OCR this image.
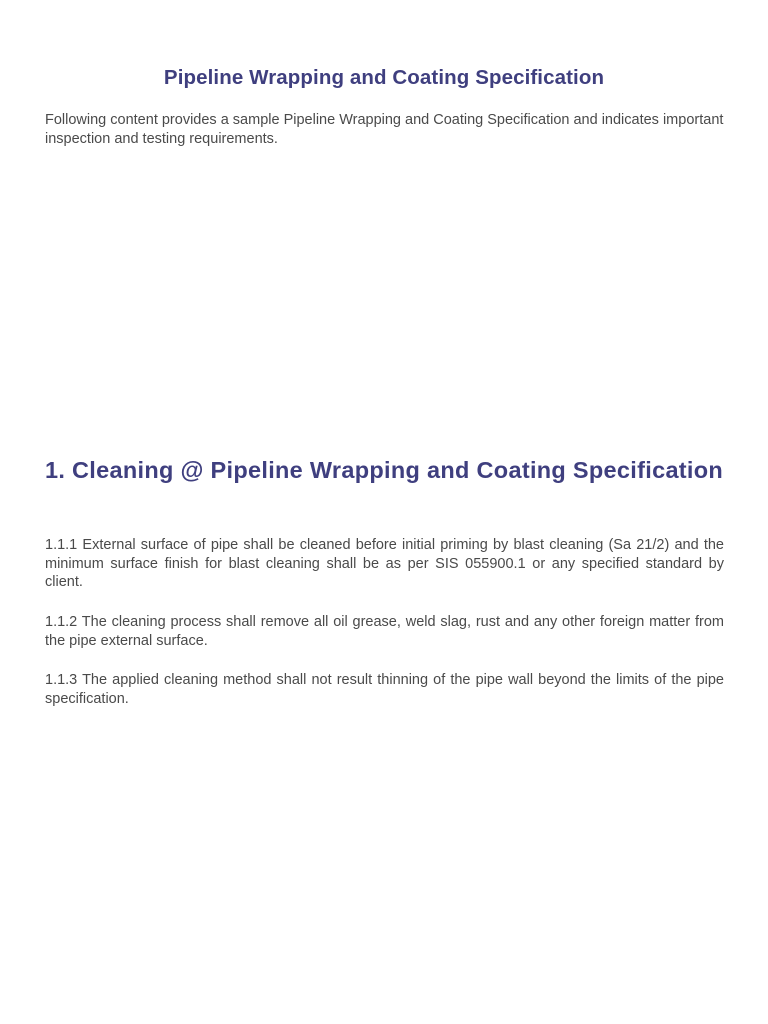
Pipeline Wrapping and Coating Specification

Following content provides a sample Pipeline Wrapping and Coating Specification and indicates important inspection and testing requirements.

1. Cleaning @ Pipeline Wrapping and Coating Specification

1.1.1 External surface of pipe shall be cleaned before initial priming by blast cleaning (Sa 21/2) and the minimum surface finish for blast cleaning shall be as per SIS 055900.1 or any specified standard by client.

1.1.2 The cleaning process shall remove all oil grease, weld slag, rust and any other foreign matter from the pipe external surface.

1.1.3 The applied cleaning method shall not result thinning of the pipe wall beyond the limits of the pipe specification.
